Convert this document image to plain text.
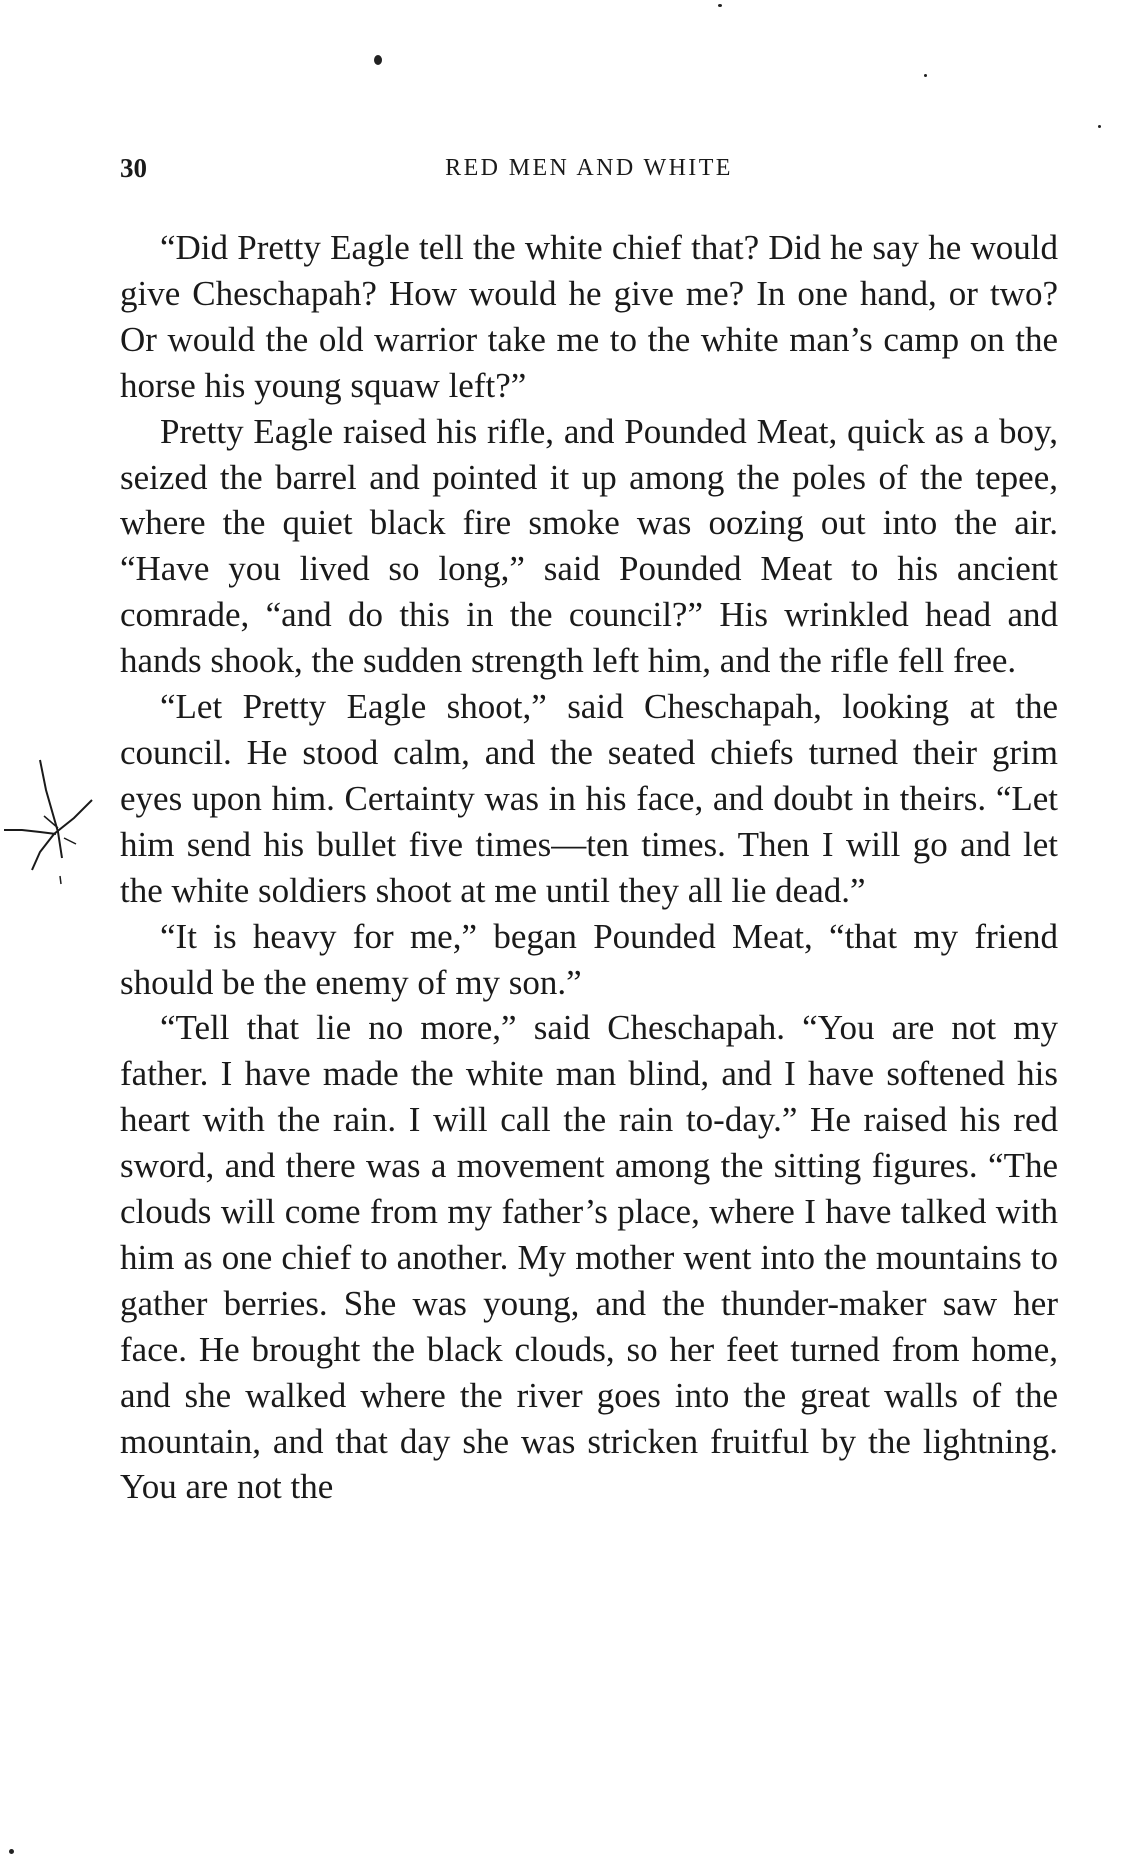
30	RED MEN AND WHITE

“Did Pretty Eagle tell the white chief that? Did he say he would give Cheschapah? How would he give me? In one hand, or two? Or would the old warrior take me to the white man’s camp on the horse his young squaw left?”

Pretty Eagle raised his rifle, and Pounded Meat, quick as a boy, seized the barrel and pointed it up among the poles of the tepee, where the quiet black fire smoke was oozing out into the air. “Have you lived so long,” said Pounded Meat to his ancient comrade, “and do this in the council?” His wrinkled head and hands shook, the sudden strength left him, and the rifle fell free.

“Let Pretty Eagle shoot,” said Cheschapah, looking at the council. He stood calm, and the seated chiefs turned their grim eyes upon him. Certainty was in his face, and doubt in theirs. “Let him send his bullet five times—ten times. Then I will go and let the white soldiers shoot at me until they all lie dead.”

“It is heavy for me,” began Pounded Meat, “that my friend should be the enemy of my son.”

“Tell that lie no more,” said Cheschapah. “You are not my father. I have made the white man blind, and I have softened his heart with the rain. I will call the rain to-day.” He raised his red sword, and there was a movement among the sitting figures. “The clouds will come from my father’s place, where I have talked with him as one chief to another. My mother went into the mountains to gather berries. She was young, and the thunder-maker saw her face. He brought the black clouds, so her feet turned from home, and she walked where the river goes into the great walls of the mountain, and that day she was stricken fruitful by the lightning. You are not the
